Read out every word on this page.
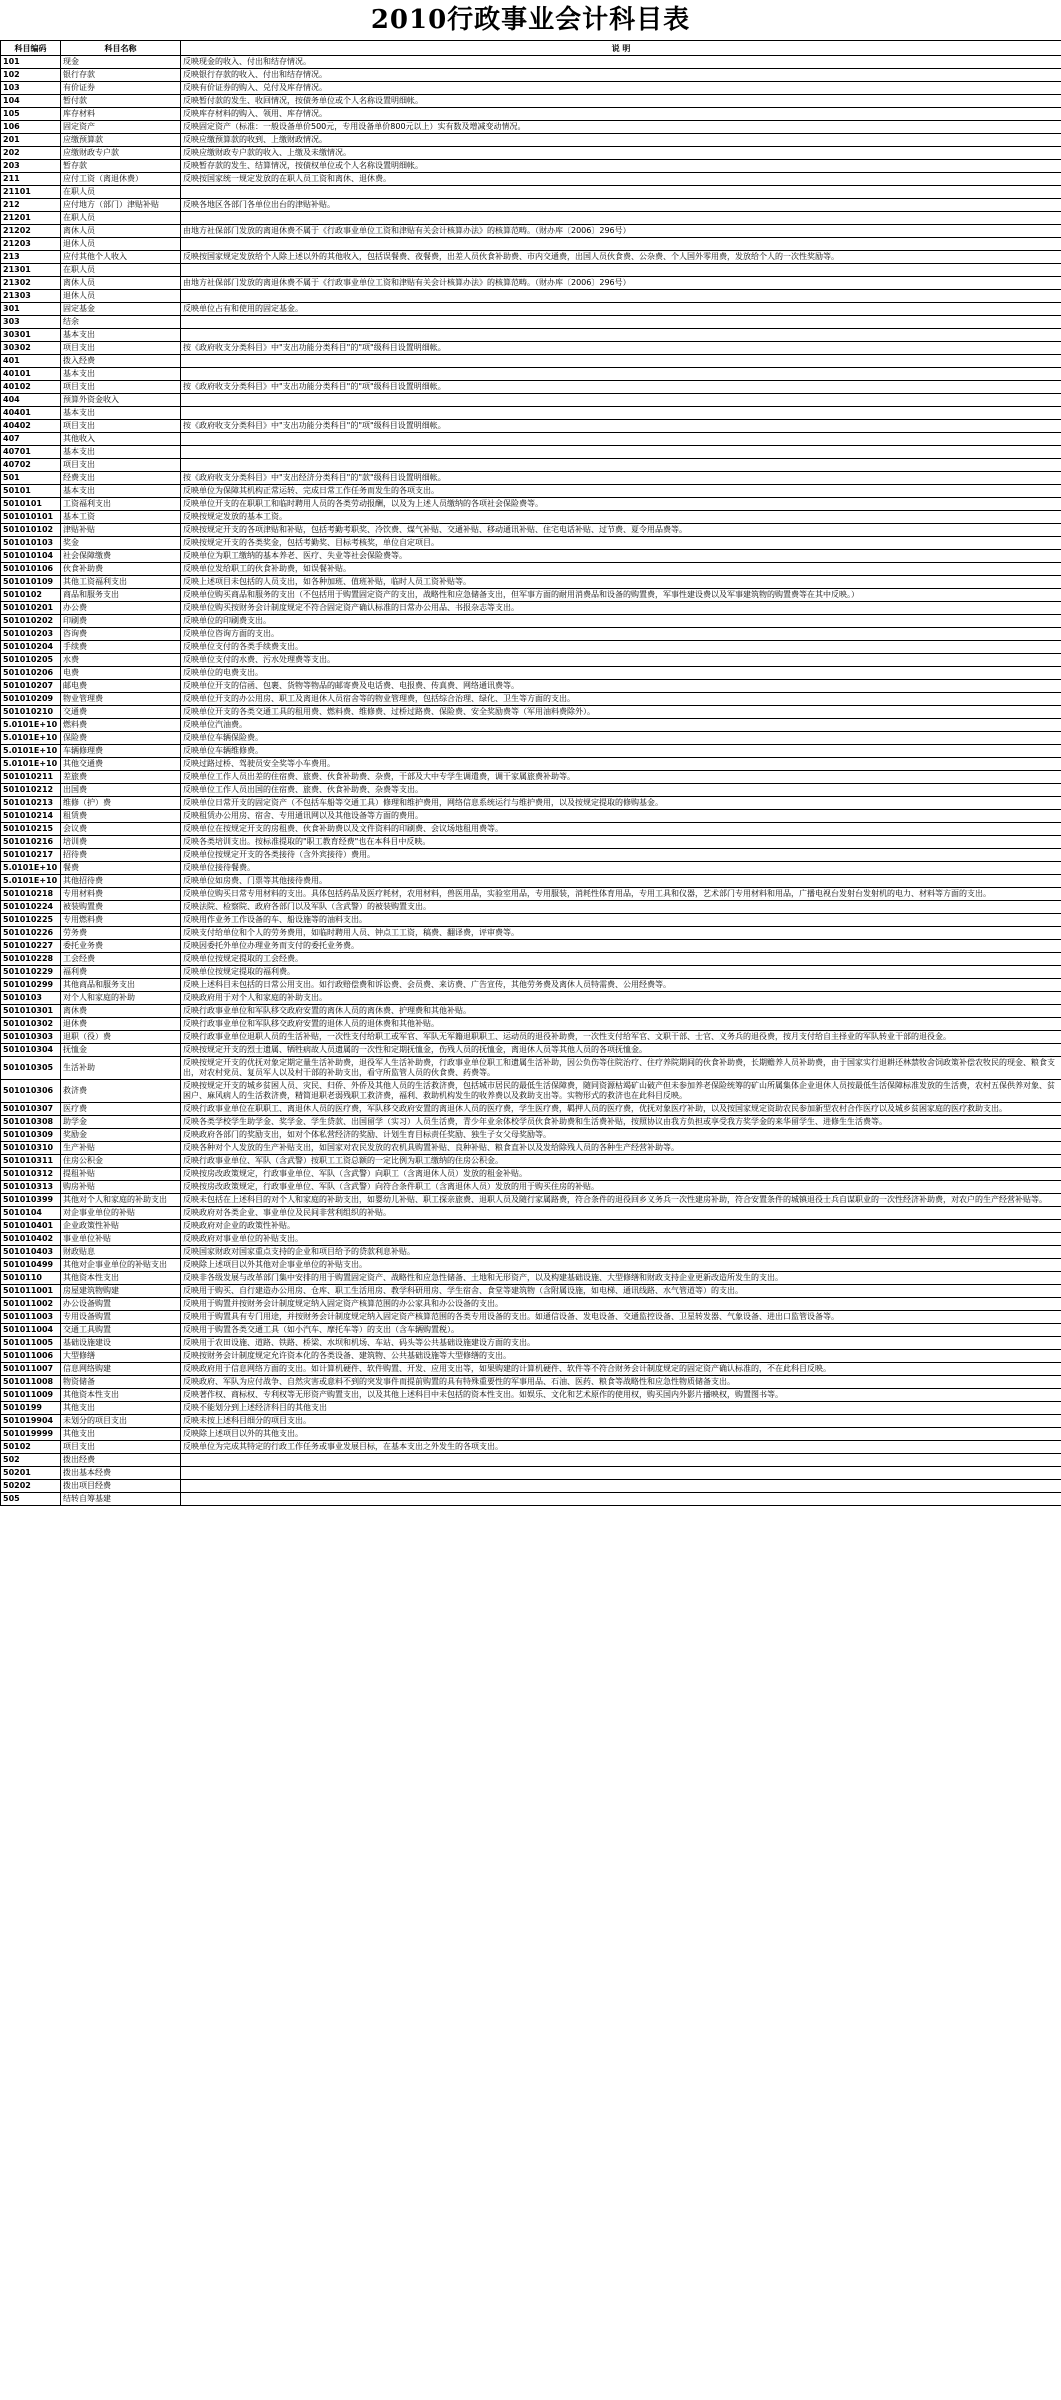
2010行政事业会计科目表
科目编码	科目名称	说 明
101	现金	反映现金的收入、付出和结存情况。
102	银行存款	反映银行存款的收入、付出和结存情况。
103	有价证券	反映有价证券的购入、兑付及库存情况。
104	暂付款	反映暂付款的发生、收回情况，按债务单位或个人名称设置明细帐。
105	库存材料	反映库存材料的购入、领用、库存情况。
106	固定资产	反映固定资产（标准：一般设备单价500元，专用设备单价800元以上）实有数及增减变动情况。
201	应缴预算款	反映应缴预算款的收到、上缴财政情况。
202	应缴财政专户款	反映应缴财政专户款的收入、上缴及未缴情况。
203	暂存款	反映暂存款的发生、结算情况，按债权单位或个人名称设置明细帐。
211	应付工资（离退休费）	反映按国家统一规定发放的在职人员工资和离休、退休费。
21101	在职人员	
212	应付地方（部门）津贴补贴	反映各地区各部门各单位出台的津贴补贴。
21201	在职人员	
21202	离休人员	由地方社保部门发放的离退休费不属于《行政事业单位工资和津贴有关会计核算办法》的核算范畴。（财办库〔2006〕296号）
21203	退休人员	
213	应付其他个人收入	反映按国家规定发放给个人除上述以外的其他收入，包括误餐费、夜餐费，出差人员伙食补助费、市内交通费，出国人员伙食费、公杂费、个人国外零用费，发放给个人的一次性奖励等。
21301	在职人员	
21302	离休人员	由地方社保部门发放的离退休费不属于《行政事业单位工资和津贴有关会计核算办法》的核算范畴。（财办库〔2006〕296号）
21303	退休人员	
301	固定基金	反映单位占有和使用的固定基金。
303	结余	
30301	基本支出	
30302	项目支出	按《政府收支分类科目》中"支出功能分类科目"的"项"级科目设置明细帐。
401	拨入经费	
40101	基本支出	
40102	项目支出	按《政府收支分类科目》中"支出功能分类科目"的"项"级科目设置明细帐。
404	预算外资金收入	
40401	基本支出	
40402	项目支出	按《政府收支分类科目》中"支出功能分类科目"的"项"级科目设置明细帐。
407	其他收入	
40701	基本支出	
40702	项目支出	
501	经费支出	按《政府收支分类科目》中"支出经济分类科目"的"款"级科目设置明细帐。
50101	基本支出	反映单位为保障其机构正常运转、完成日常工作任务而发生的各项支出。
5010101	工资福利支出	反映单位开支的在职职工和临时聘用人员的各类劳动报酬，以及为上述人员缴纳的各项社会保险费等。
501010101	基本工资	反映按规定发放的基本工资。
501010102	津贴补贴	反映按规定开支的各项津贴和补贴，包括考勤考职奖、冷饮费、煤气补贴、交通补贴、移动通讯补贴、住宅电话补贴、过节费、夏令用品费等。
501010103	奖金	反映按规定开支的各类奖金，包括考勤奖、目标考核奖，单位自定项目。
501010104	社会保障缴费	反映单位为职工缴纳的基本养老、医疗、失业等社会保险费等。
501010106	伙食补助费	反映单位发给职工的伙食补助费，如误餐补贴。
501010109	其他工资福利支出	反映上述项目未包括的人员支出，如各种加班、值班补贴，临时人员工资补贴等。
5010102	商品和服务支出	反映单位购买商品和服务的支出（不包括用于购置固定资产的支出，战略性和应急储备支出，但军事方面的耐用消费品和设备的购置费，军事性建设费以及军事建筑物的购置费等在其中反映。）
501010201	办公费	反映单位购买按财务会计制度规定不符合固定资产确认标准的日常办公用品、书报杂志等支出。
501010202	印刷费	反映单位的印刷费支出。
501010203	咨询费	反映单位咨询方面的支出。
501010204	手续费	反映单位支付的各类手续费支出。
501010205	水费	反映单位支付的水费、污水处理费等支出。
501010206	电费	反映单位的电费支出。
501010207	邮电费	反映单位开支的信函、包裹、货物等物品的邮寄费及电话费、电报费、传真费、网络通讯费等。
501010209	物业管理费	反映单位开支的办公用房、职工及离退休人员宿舍等的物业管理费，包括综合治理、绿化、卫生等方面的支出。
501010210	交通费	反映单位开支的各类交通工具的租用费、燃料费、维修费、过桥过路费、保险费、安全奖励费等（军用油料费除外）。
5.0101E+10	燃料费	反映单位汽油费。
5.0101E+10	保险费	反映单位车辆保险费。
5.0101E+10	车辆修理费	反映单位车辆维修费。
5.0101E+10	其他交通费	反映过路过桥、驾驶员安全奖等小车费用。
501010211	差旅费	反映单位工作人员出差的住宿费、旅费、伙食补助费、杂费，干部及大中专学生调遣费，调干家属旅费补助等。
501010212	出国费	反映单位工作人员出国的住宿费、旅费、伙食补助费、杂费等支出。
501010213	维修（护）费	反映单位日常开支的固定资产（不包括车船等交通工具）修理和维护费用，网络信息系统运行与维护费用，以及按规定提取的修购基金。
501010214	租赁费	反映租赁办公用房、宿舍、专用通讯网以及其他设备等方面的费用。
501010215	会议费	反映单位在按规定开支的房租费、伙食补助费以及文件资料的印刷费、会议场地租用费等。
501010216	培训费	反映各类培训支出。按标准提取的"职工教育经费"也在本科目中反映。
501010217	招待费	反映单位按规定开支的各类接待（含外宾接待）费用。
5.0101E+10	餐费	反映单位接待餐费。
5.0101E+10	其他招待费	反映单位如房费、门票等其他接待费用。
501010218	专用材料费	反映单位购买日常专用材料的支出。具体包括药品及医疗耗材，农用材料，兽医用品，实验室用品，专用服装，消耗性体育用品，专用工具和仪器，艺术部门专用材料和用品，广播电视台发射台发射机的电力、材料等方面的支出。
501010224	被装购置费	反映法院、检察院、政府各部门以及军队（含武警）的被装购置支出。
501010225	专用燃料费	反映用作业务工作设备的车、船设施等的油料支出。
501010226	劳务费	反映支付给单位和个人的劳务费用，如临时聘用人员、钟点工工资，稿费、翻译费，评审费等。
501010227	委托业务费	反映因委托外单位办理业务而支付的委托业务费。
501010228	工会经费	反映单位按规定提取的工会经费。
501010229	福利费	反映单位按规定提取的福利费。
501010299	其他商品和服务支出	反映上述科目未包括的日常公用支出。如行政赔偿费和诉讼费、会员费、来访费、广告宣传，其他劳务费及离休人员特需费、公用经费等。
5010103	对个人和家庭的补助	反映政府用于对个人和家庭的补助支出。
501010301	离休费	反映行政事业单位和军队移交政府安置的离休人员的离休费、护理费和其他补贴。
501010302	退休费	反映行政事业单位和军队移交政府安置的退休人员的退休费和其他补贴。
501010303	退职（役）费	反映行政事业单位退职人员的生活补贴，一次性支付给职工或军官、军队无军籍退职职工、运动员的退役补助费，一次性支付给军官、文职干部、士官、义务兵的退役费，按月支付给自主择业的军队转业干部的退役金。
501010304	抚恤金	反映按规定开支的烈士遗属、牺牲病故人员遗属的一次性和定期抚恤金，伤残人员的抚恤金，离退休人员等其他人员的各项抚恤金。
501010305	生活补助	反映按规定开支的优抚对象定期定量生活补助费，退役军人生活补助费，行政事业单位职工和遗属生活补助，因公负伤等住院治疗、住疗养院期间的伙食补助费，长期赡养人员补助费，由于国家实行退耕还林禁牧舍饲政策补偿农牧民的现金、粮食支出，对农村党员、复员军人以及村干部的补助支出，看守所监管人员的伙食费、药费等。
501010306	救济费	反映按规定开支的城乡贫困人员、灾民、归侨、外侨及其他人员的生活救济费，包括城市居民的最低生活保障费，随同资源枯竭矿山破产但未参加养老保险统筹的矿山所属集体企业退休人员按最低生活保障标准发放的生活费，农村五保供养对象、贫困户、麻风病人的生活救济费，精简退职老弱残职工救济费，福利、救助机构发生的收养费以及救助支出等。实物形式的救济也在此科目反映。
501010307	医疗费	反映行政事业单位在职职工、离退休人员的医疗费，军队移交政府安置的离退休人员的医疗费，学生医疗费，羁押人员的医疗费，优抚对象医疗补助，以及按国家规定资助农民参加新型农村合作医疗以及城乡贫困家庭的医疗救助支出。
501010308	助学金	反映各类学校学生助学金、奖学金、学生贷款、出国留学（实习）人员生活费，青少年业余体校学员伙食补助费和生活费补贴，按照协议由我方负担或享受我方奖学金的来华留学生、进修生生活费等。
501010309	奖励金	反映政府各部门的奖励支出，如对个体私营经济的奖励、计划生育目标责任奖励、独生子女父母奖励等。
501010310	生产补贴	反映各种对个人发放的生产补贴支出，如国家对农民发放的农机具购置补贴、良种补贴、粮食直补以及发给除残人员的各种生产经营补助等。
501010311	住房公积金	反映行政事业单位、军队（含武警）按职工工资总额的一定比例为职工缴纳的住房公积金。
501010312	提租补贴	反映按房改政策规定，行政事业单位、军队（含武警）向职工（含离退休人员）发放的租金补贴。
501010313	购房补贴	反映按房改政策规定，行政事业单位、军队（含武警）向符合条件职工（含离退休人员）发放的用于购买住房的补贴。
501010399	其他对个人和家庭的补助支出	反映未包括在上述科目的对个人和家庭的补助支出，如婴幼儿补贴、职工探亲旅费、退职人员及随行家属路费，符合条件的退役回乡义务兵一次性建房补助，符合安置条件的城镇退役士兵自谋职业的一次性经济补助费，对农户的生产经营补贴等。
5010104	对企事业单位的补贴	反映政府对各类企业、事业单位及民间非营利组织的补贴。
501010401	企业政策性补贴	反映政府对企业的政策性补贴。
501010402	事业单位补贴	反映政府对事业单位的补贴支出。
501010403	财政贴息	反映国家财政对国家重点支持的企业和项目给予的贷款利息补贴。
501010499	其他对企事业单位的补贴支出	反映除上述项目以外其他对企事业单位的补贴支出。
5010110	其他资本性支出	反映非各级发展与改革部门集中安排的用于购置固定资产、战略性和应急性储备、土地和无形资产，以及构建基础设施、大型修缮和财政支持企业更新改造所发生的支出。
501011001	房屋建筑物购建	反映用于购买、自行建造办公用房、仓库、职工生活用房、教学科研用房、学生宿舍、食堂等建筑物（含附属设施，如电梯、通讯线路、水气管道等）的支出。
501011002	办公设备购置	反映用于购置并按财务会计制度规定纳入固定资产核算范围的办公家具和办公设备的支出。
501011003	专用设备购置	反映用于购置具有专门用途，并按财务会计制度规定纳入固定资产核算范围的各类专用设备的支出。如通信设备、发电设备、交通监控设备、卫星转发器、气象设备、进出口监管设备等。
501011004	交通工具购置	反映用于购置各类交通工具（如小汽车、摩托车等）的支出（含车辆购置税）。
501011005	基础设施建设	反映用于农田设施、道路、铁路、桥梁、水坝和机场、车站、码头等公共基础设施建设方面的支出。
501011006	大型修缮	反映按财务会计制度规定允许资本化的各类设备、建筑物、公共基础设施等大型修缮的支出。
501011007	信息网络购建	反映政府用于信息网络方面的支出。如计算机硬件、软件购置、开发、应用支出等，如果购建的计算机硬件、软件等不符合财务会计制度规定的固定资产确认标准的，不在此科目反映。
501011008	物资储备	反映政府、军队为应付战争、自然灾害或意料不到的突发事件而提前购置的具有特殊重要性的军事用品、石油、医药、粮食等战略性和应急性物质储备支出。
501011009	其他资本性支出	反映著作权、商标权、专利权等无形资产购置支出，以及其他上述科目中未包括的资本性支出。如娱乐、文化和艺术原作的使用权，购买国内外影片播映权，购置图书等。
5010199	其他支出	反映不能划分到上述经济科目的其他支出
501019904	未划分的项目支出	反映未按上述科目细分的项目支出。
501019999	其他支出	反映除上述项目以外的其他支出。
50102	项目支出	反映单位为完成其特定的行政工作任务或事业发展目标，在基本支出之外发生的各项支出。
502	拨出经费	
50201	拨出基本经费	
50202	拨出项目经费	
505	结转自筹基建	
